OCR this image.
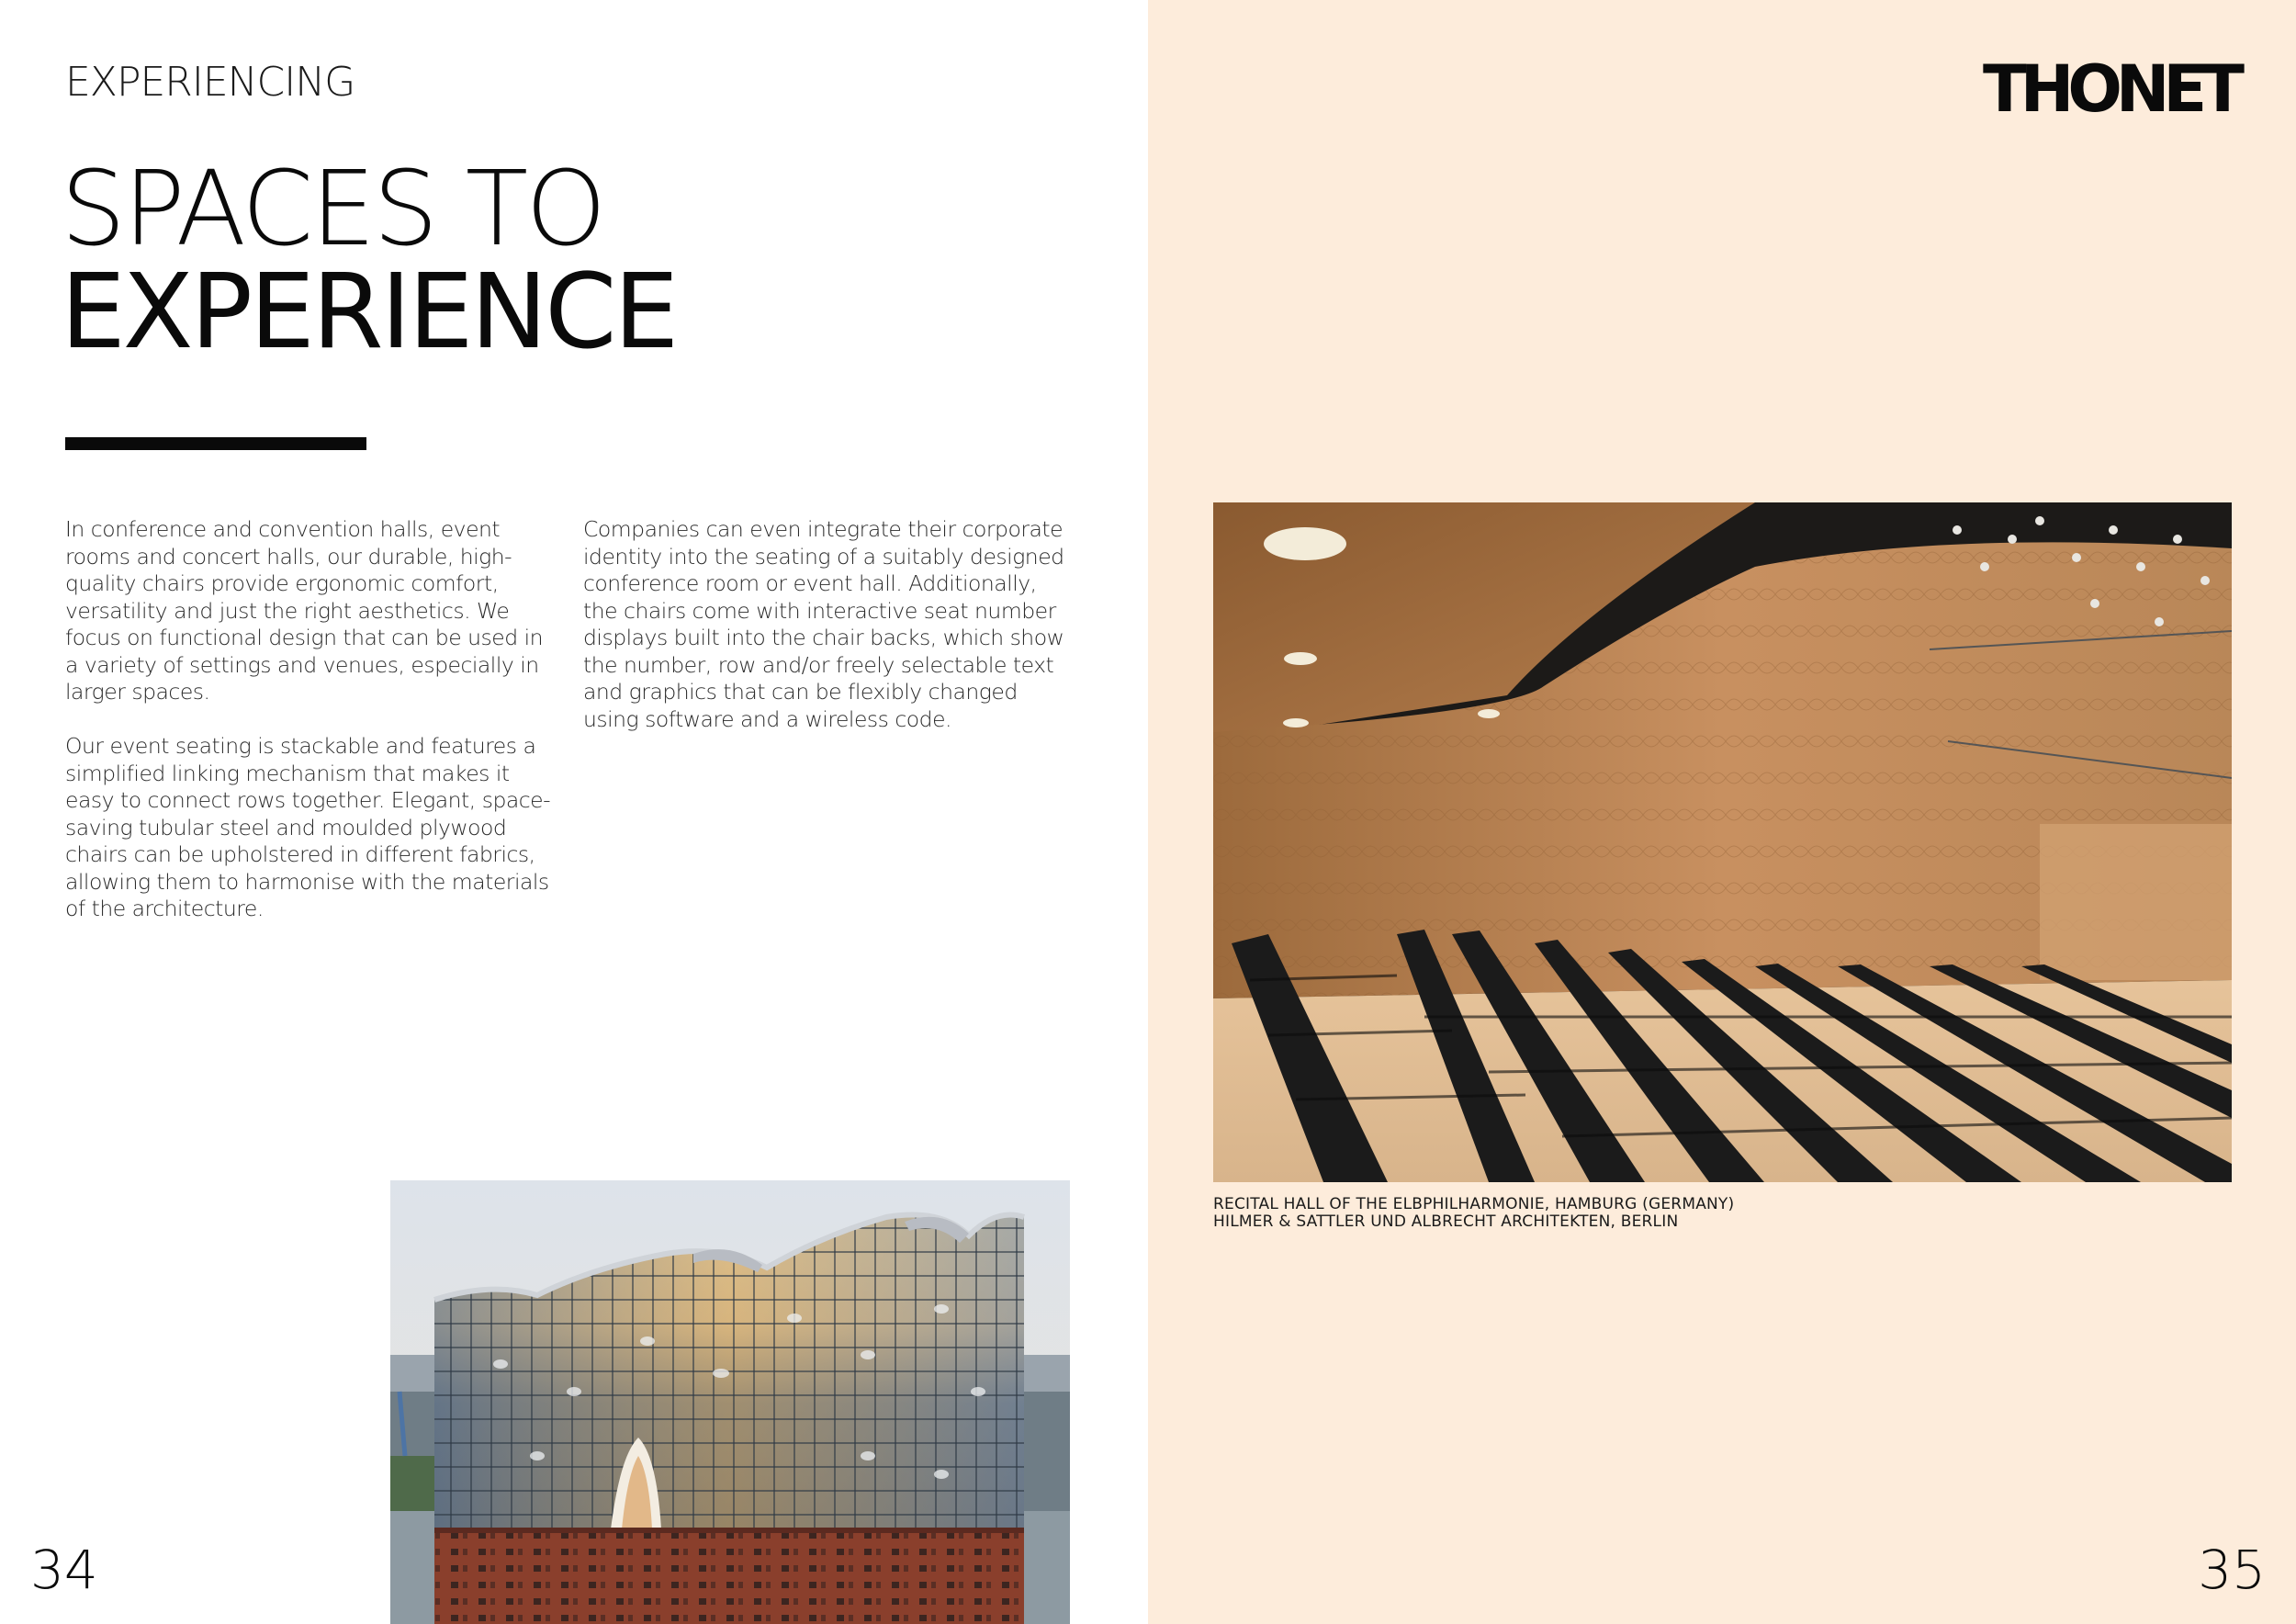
EXPERIENCING
SPACES TO
EXPERIENCE

In conference and convention halls, event rooms and concert halls, our durable, high-quality chairs provide ergonomic comfort, versatility and just the right aesthetics. We focus on functional design that can be used in a variety of settings and venues, especially in larger spaces.

Our event seating is stackable and features a simplified linking mechanism that makes it easy to connect rows together. Elegant, space-saving tubular steel and moulded plywood chairs can be upholstered in different fabrics, allowing them to harmonise with the materials of the architecture.

Companies can even integrate their corporate identity into the seating of a suitably designed conference room or event hall. Additionally, the chairs come with interactive seat number displays built into the chair backs, which show the number, row and/or freely selectable text and graphics that can be flexibly changed using software and a wireless code.

34
THONET
RECITAL HALL OF THE ELBPHILHARMONIE, HAMBURG (GERMANY)
HILMER & SATTLER UND ALBRECHT ARCHITEKTEN, BERLIN
35
